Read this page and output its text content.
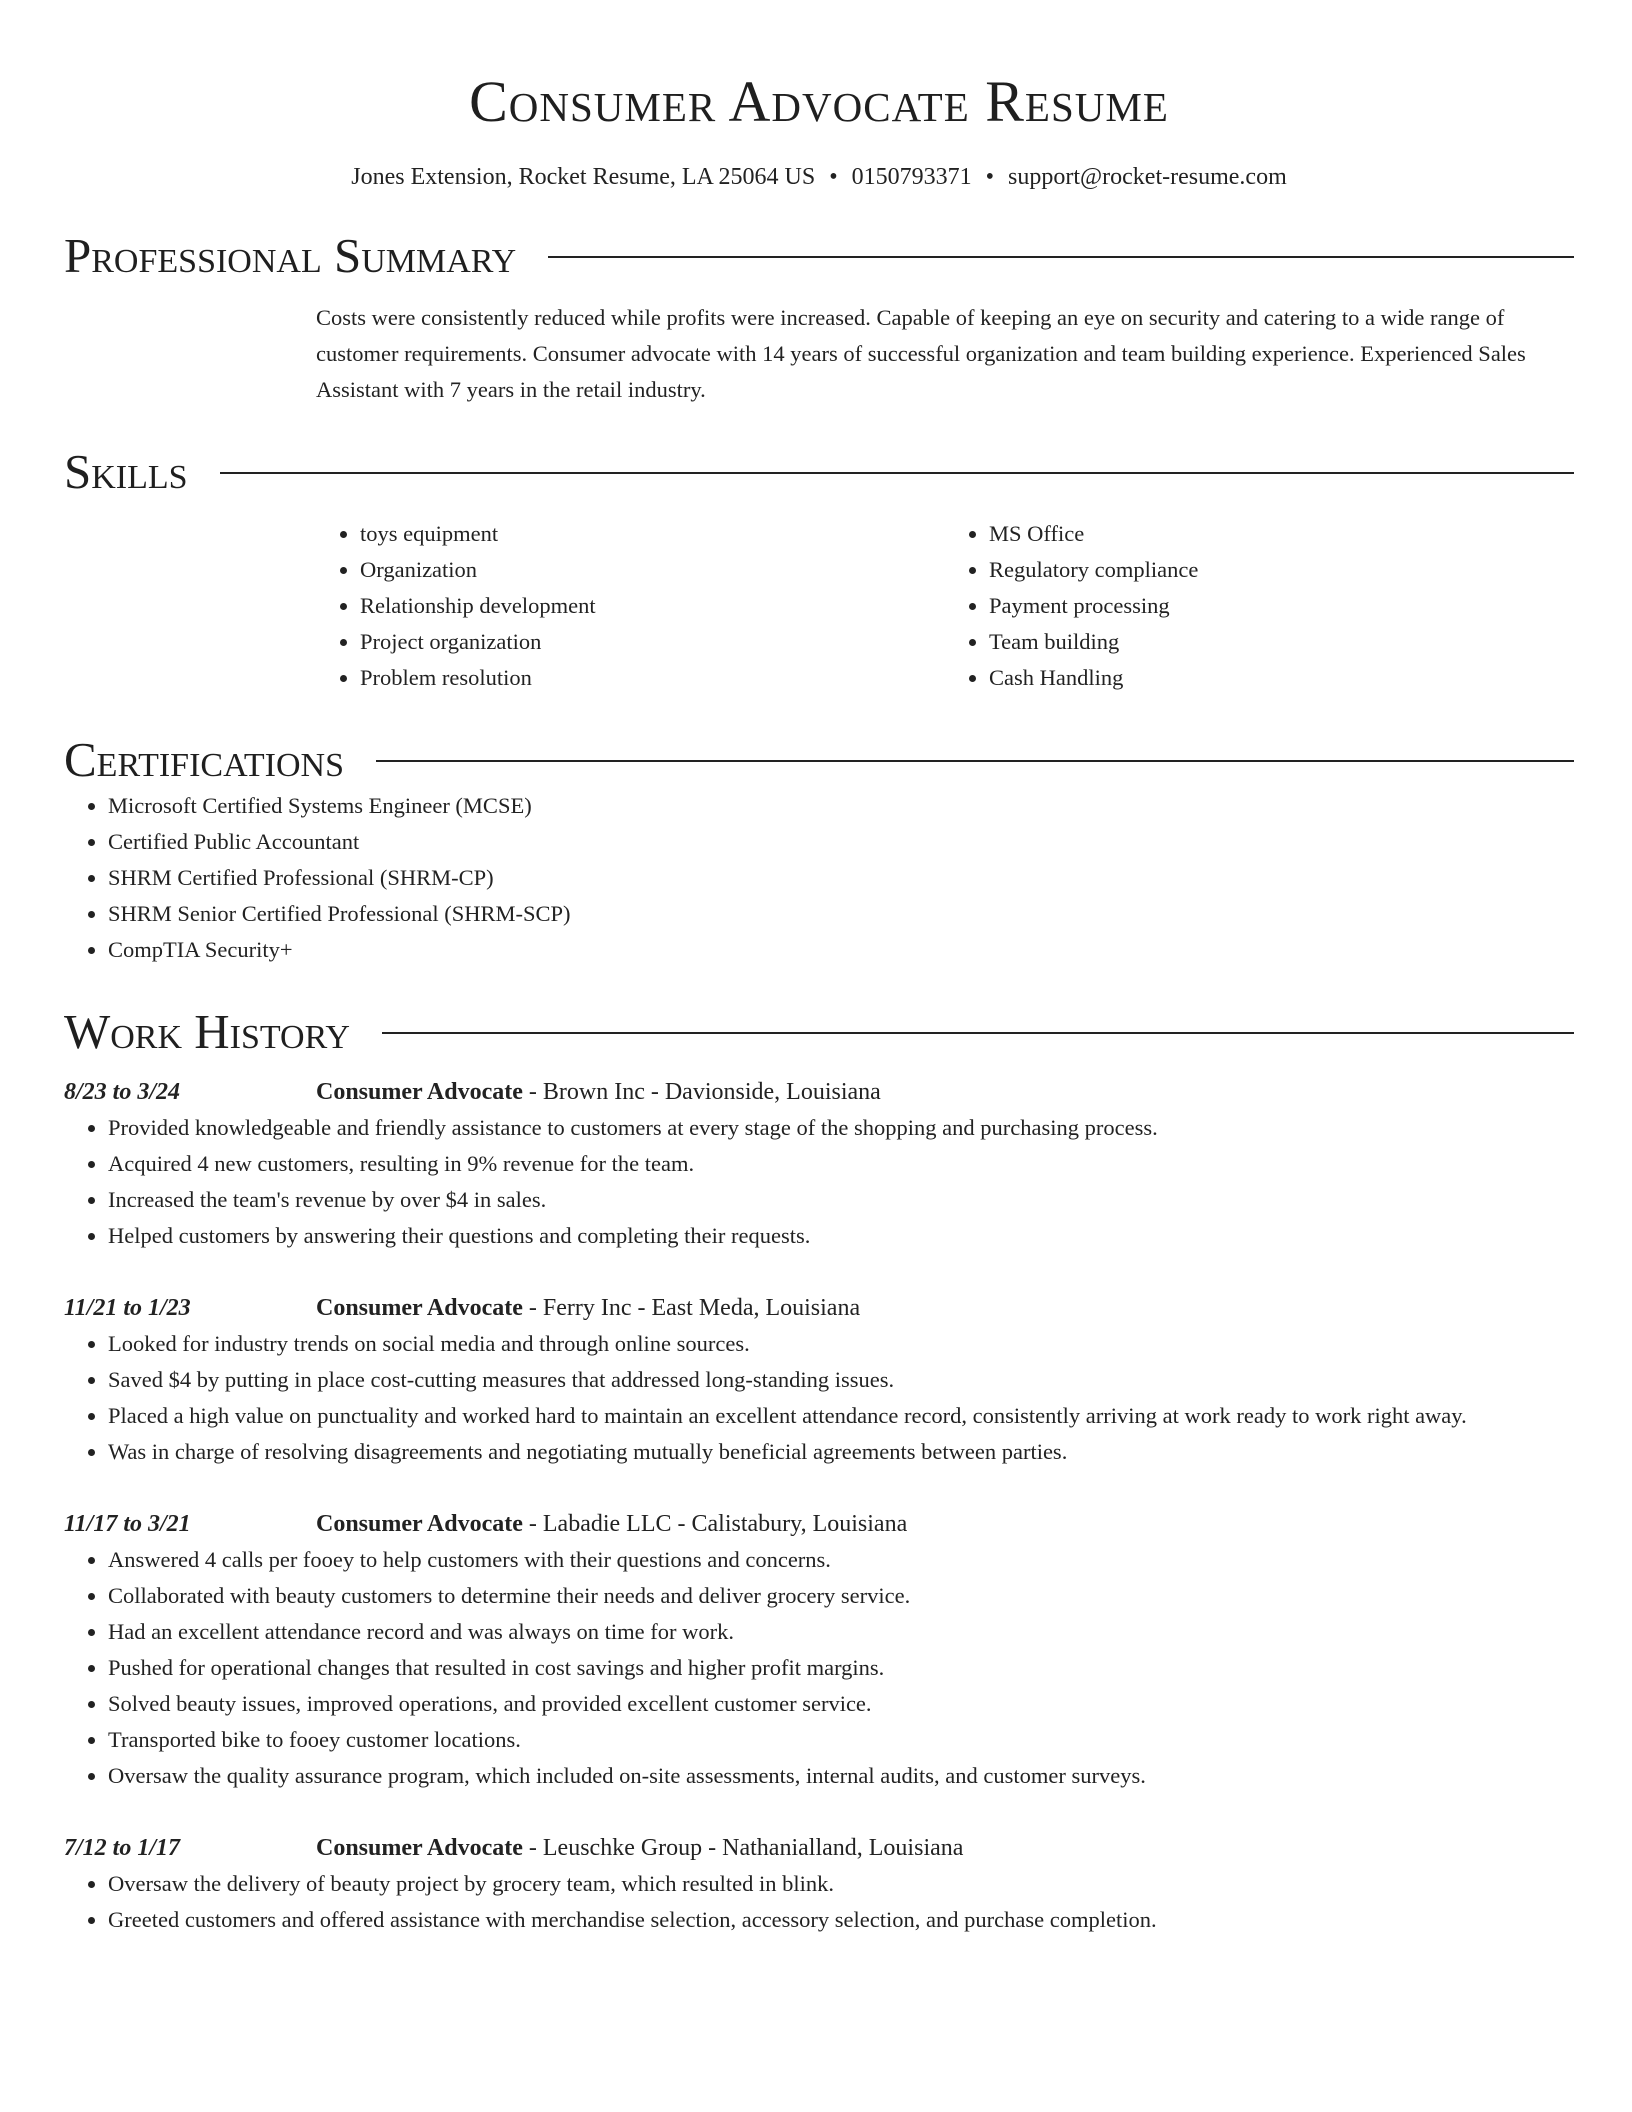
Consumer Advocate Resume
Jones Extension, Rocket Resume, LA 25064 US • 0150793371 • support@rocket-resume.com
Professional Summary

Costs were consistently reduced while profits were increased. Capable of keeping an eye on security and catering to a wide range of customer requirements. Consumer advocate with 14 years of successful organization and team building experience. Experienced Sales Assistant with 7 years in the retail industry.

Skills
• toys equipment
• Organization
• Relationship development
• Project organization
• Problem resolution
• MS Office
• Regulatory compliance
• Payment processing
• Team building
• Cash Handling
Certifications
• Microsoft Certified Systems Engineer (MCSE)
• Certified Public Accountant
• SHRM Certified Professional (SHRM-CP)
• SHRM Senior Certified Professional (SHRM-SCP)
• CompTIA Security+
Work History
8/23 to 3/24	Consumer Advocate - Brown Inc - Davionside, Louisiana
• Provided knowledgeable and friendly assistance to customers at every stage of the shopping and purchasing process.
• Acquired 4 new customers, resulting in 9% revenue for the team.
• Increased the team's revenue by over $4 in sales.
• Helped customers by answering their questions and completing their requests.
11/21 to 1/23	Consumer Advocate - Ferry Inc - East Meda, Louisiana
• Looked for industry trends on social media and through online sources.
• Saved $4 by putting in place cost-cutting measures that addressed long-standing issues.
• Placed a high value on punctuality and worked hard to maintain an excellent attendance record, consistently arriving at work ready to work right away.
• Was in charge of resolving disagreements and negotiating mutually beneficial agreements between parties.
11/17 to 3/21	Consumer Advocate - Labadie LLC - Calistabury, Louisiana
• Answered 4 calls per fooey to help customers with their questions and concerns.
• Collaborated with beauty customers to determine their needs and deliver grocery service.
• Had an excellent attendance record and was always on time for work.
• Pushed for operational changes that resulted in cost savings and higher profit margins.
• Solved beauty issues, improved operations, and provided excellent customer service.
• Transported bike to fooey customer locations.
• Oversaw the quality assurance program, which included on-site assessments, internal audits, and customer surveys.
7/12 to 1/17	Consumer Advocate - Leuschke Group - Nathanialland, Louisiana
• Oversaw the delivery of beauty project by grocery team, which resulted in blink.
• Greeted customers and offered assistance with merchandise selection, accessory selection, and purchase completion.
